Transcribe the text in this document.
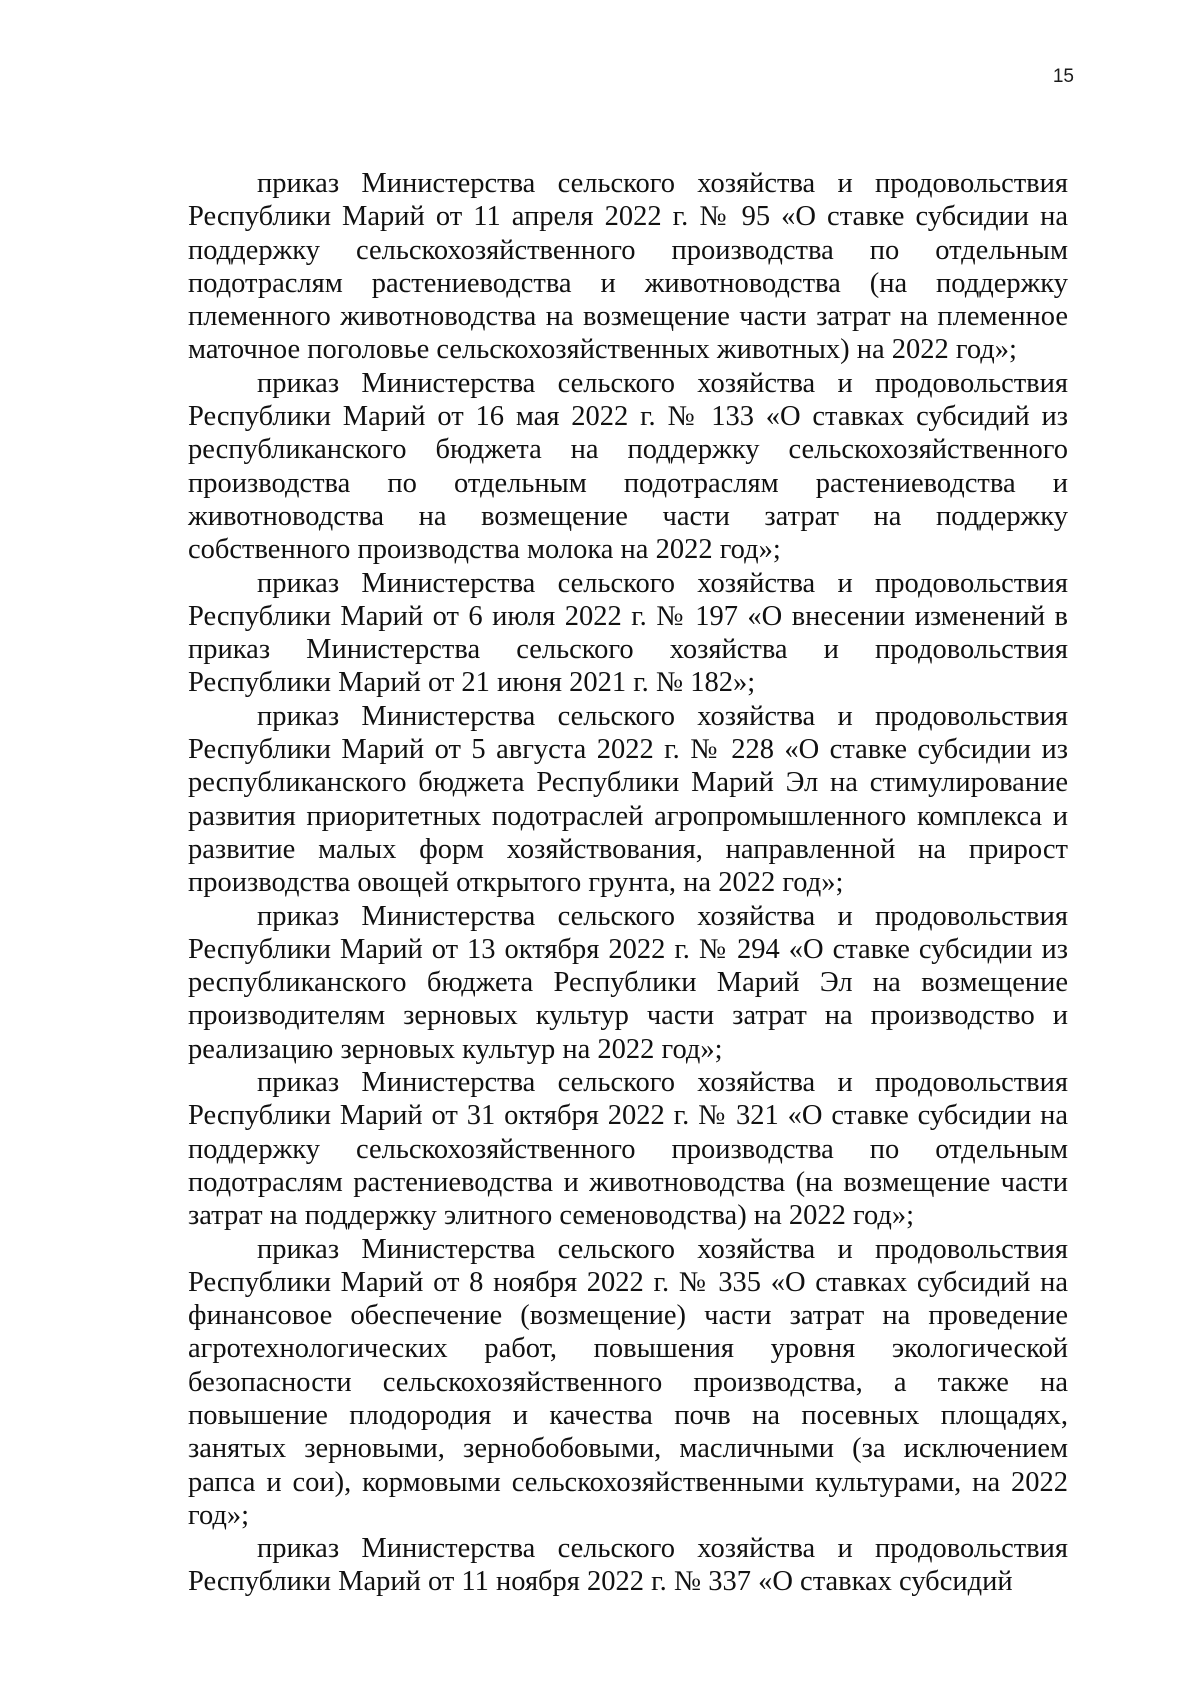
15

приказ Министерства сельского хозяйства и продовольствия Республики Марий от 11 апреля 2022 г. № 95 «О ставке субсидии на поддержку сельскохозяйственного производства по отдельным подотраслям растениеводства и животноводства (на поддержку племенного животноводства на возмещение части затрат на племенное маточное поголовье сельскохозяйственных животных) на 2022 год»;

приказ Министерства сельского хозяйства и продовольствия Республики Марий от 16 мая 2022 г. № 133 «О ставках субсидий из республиканского бюджета на поддержку сельскохозяйственного производства по отдельным подотраслям растениеводства и животноводства на возмещение части затрат на поддержку собственного производства молока на 2022 год»;

приказ Министерства сельского хозяйства и продовольствия Республики Марий от 6 июля 2022 г. № 197 «О внесении изменений в приказ Министерства сельского хозяйства и продовольствия Республики Марий от 21 июня 2021 г. № 182»;

приказ Министерства сельского хозяйства и продовольствия Республики Марий от 5 августа 2022 г. № 228 «О ставке субсидии из республиканского бюджета Республики Марий Эл на стимулирование развития приоритетных подотраслей агропромышленного комплекса и развитие малых форм хозяйствования, направленной на прирост производства овощей открытого грунта, на 2022 год»;

приказ Министерства сельского хозяйства и продовольствия Республики Марий от 13 октября 2022 г. № 294 «О ставке субсидии из республиканского бюджета Республики Марий Эл на возмещение производителям зерновых культур части затрат на производство и реализацию зерновых культур на 2022 год»;

приказ Министерства сельского хозяйства и продовольствия Республики Марий от 31 октября 2022 г. № 321 «О ставке субсидии на поддержку сельскохозяйственного производства по отдельным подотраслям растениеводства и животноводства (на возмещение части затрат на поддержку элитного семеноводства) на 2022 год»;

приказ Министерства сельского хозяйства и продовольствия Республики Марий от 8 ноября 2022 г. № 335 «О ставках субсидий на финансовое обеспечение (возмещение) части затрат на проведение агротехнологических работ, повышения уровня экологической безопасности сельскохозяйственного производства, а также на повышение плодородия и качества почв на посевных площадях, занятых зерновыми, зернобобовыми, масличными (за исключением рапса и сои), кормовыми сельскохозяйственными культурами, на 2022 год»;

приказ Министерства сельского хозяйства и продовольствия Республики Марий от 11 ноября 2022 г. № 337 «О ставках субсидий
